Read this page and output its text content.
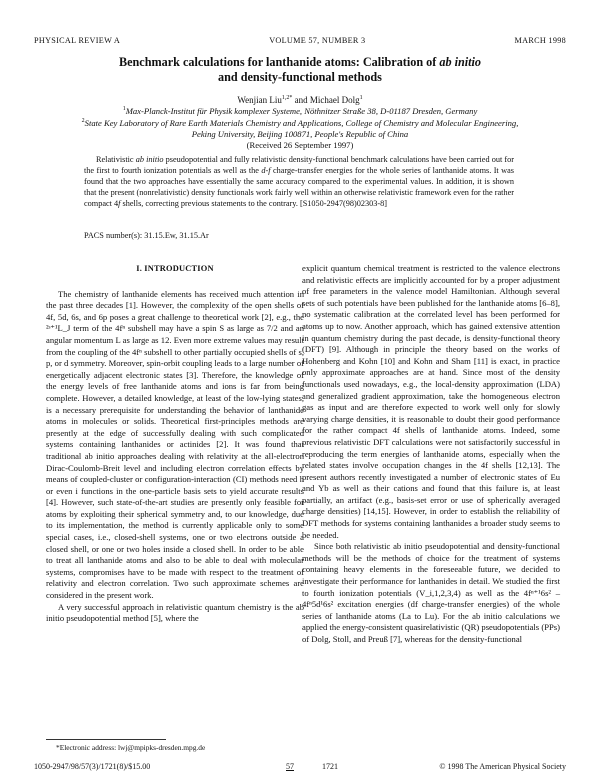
PHYSICAL REVIEW A	VOLUME 57, NUMBER 3	MARCH 1998
Benchmark calculations for lanthanide atoms: Calibration of ab initio
and density-functional methods
Wenjian Liu$^{1,2*}$ and Michael Dolg$^1$
$^1$Max-Planck-Institut für Physik komplexer Systeme, Nöthnitzer Straße 38, D-01187 Dresden, Germany
$^2$State Key Laboratory of Rare Earth Materials Chemistry and Applications, College of Chemistry and Molecular Engineering,
Peking University, Beijing 100871, People's Republic of China
(Received 26 September 1997)
Relativistic ab initio pseudopotential and fully relativistic density-functional benchmark calculations have been carried out for the first to fourth ionization potentials as well as the d-f charge-transfer energies for the whole series of lanthanide atoms. It was found that the two approaches have essentially the same accuracy compared to the experimental values. In addition, it is shown that the present (nonrelativistic) density functionals work fairly well within an otherwise relativistic framework even for the rather compact 4f shells, correcting previous statements to the contrary. [S1050-2947(98)02303-8]
PACS number(s): 31.15.Ew, 31.15.Ar
I. INTRODUCTION

The chemistry of lanthanide elements has received much attention in the past three decades [1]. However, the complexity of the open shells of 4f, 5d, 6s, and 6p poses a great challenge to theoretical work [2], e.g., the ²ˢ⁺¹L_J term of the 4fⁿ subshell may have a spin S as large as 7/2 and an angular momentum L as large as 12. Even more extreme values may result from the coupling of the 4fⁿ subshell to other partially occupied shells of s, p, or d symmetry. Moreover, spin-orbit coupling leads to a large number of energetically adjacent electronic states [3]. Therefore, the knowledge of the energy levels of free lanthanide atoms and ions is far from being complete. However, a detailed knowledge, at least of the low-lying states, is a necessary prerequisite for understanding the behavior of lanthanide atoms in molecules or solids. Theoretical first-principles methods are presently at the edge of successfully dealing with such complicated systems containing lanthanides or actinides [2]. It was found that traditional ab initio approaches dealing with relativity at the all-electron Dirac-Coulomb-Breit level and including electron correlation effects by means of coupled-cluster or configuration-interaction (CI) methods need h or even i functions in the one-particle basis sets to yield accurate results [4]. However, such state-of-the-art studies are presently only feasible for atoms by exploiting their spherical symmetry and, to our knowledge, due to its implementation, the method is currently applicable only to some special cases, i.e., closed-shell systems, one or two electrons outside a closed shell, or one or two holes inside a closed shell. In order to be able to treat all lanthanide atoms and also to be able to deal with molecular systems, compromises have to be made with respect to the treatment of relativity and electron correlation. Two such approximate schemes are considered in the present work.

A very successful approach in relativistic quantum chemistry is the ab initio pseudopotential method [5], where the

explicit quantum chemical treatment is restricted to the valence electrons and relativistic effects are implicitly accounted for by a proper adjustment of free parameters in the valence model Hamiltonian. Although several sets of such potentials have been published for the lanthanide atoms [6–8], no systematic calibration at the correlated level has been performed for atoms up to now. Another approach, which has gained extensive attention in quantum chemistry during the past decade, is density-functional theory (DFT) [9]. Although in principle the theory based on the works of Hohenberg and Kohn [10] and Kohn and Sham [11] is exact, in practice only approximate approaches are at hand. Since most of the density functionals used nowadays, e.g., the local-density approximation (LDA) and generalized gradient approximation, take the homogeneous electron gas as input and are therefore expected to work well only for slowly varying charge densities, it is reasonable to doubt their good performance for the rather compact 4f shells of lanthanide atoms. Indeed, some previous relativistic DFT calculations were not satisfactorily successful in reproducing the term energies of lanthanide atoms, especially when the related states involve occupation changes in the 4f shells [12,13]. The present authors recently investigated a number of electronic states of Eu and Yb as well as their cations and found that this failure is, at least partially, an artifact (e.g., basis-set error or use of spherically averaged charge densities) [14,15]. However, in order to establish the reliability of DFT methods for systems containing lanthanides a broader study seems to be needed.

Since both relativistic ab initio pseudopotential and density-functional methods will be the methods of choice for the treatment of systems containing heavy elements in the foreseeable future, we decided to investigate their performance for lanthanides in detail. We studied the first to fourth ionization potentials (V_i,1,2,3,4) as well as the 4fⁿ⁺¹6s² –4fⁿ5d¹6s² excitation energies (df charge-transfer energies) of the whole series of lanthanide atoms (La to Lu). For the ab initio calculations we applied the energy-consistent quasirelativistic (QR) pseudopotentials (PPs) of Dolg, Stoll, and Preuß [7], whereas for the density-functional

*Electronic address: lwj@mpipks-dresden.mpg.de
1050-2947/98/57(3)/1721(8)/$15.00	57	1721	© 1998 The American Physical Society
